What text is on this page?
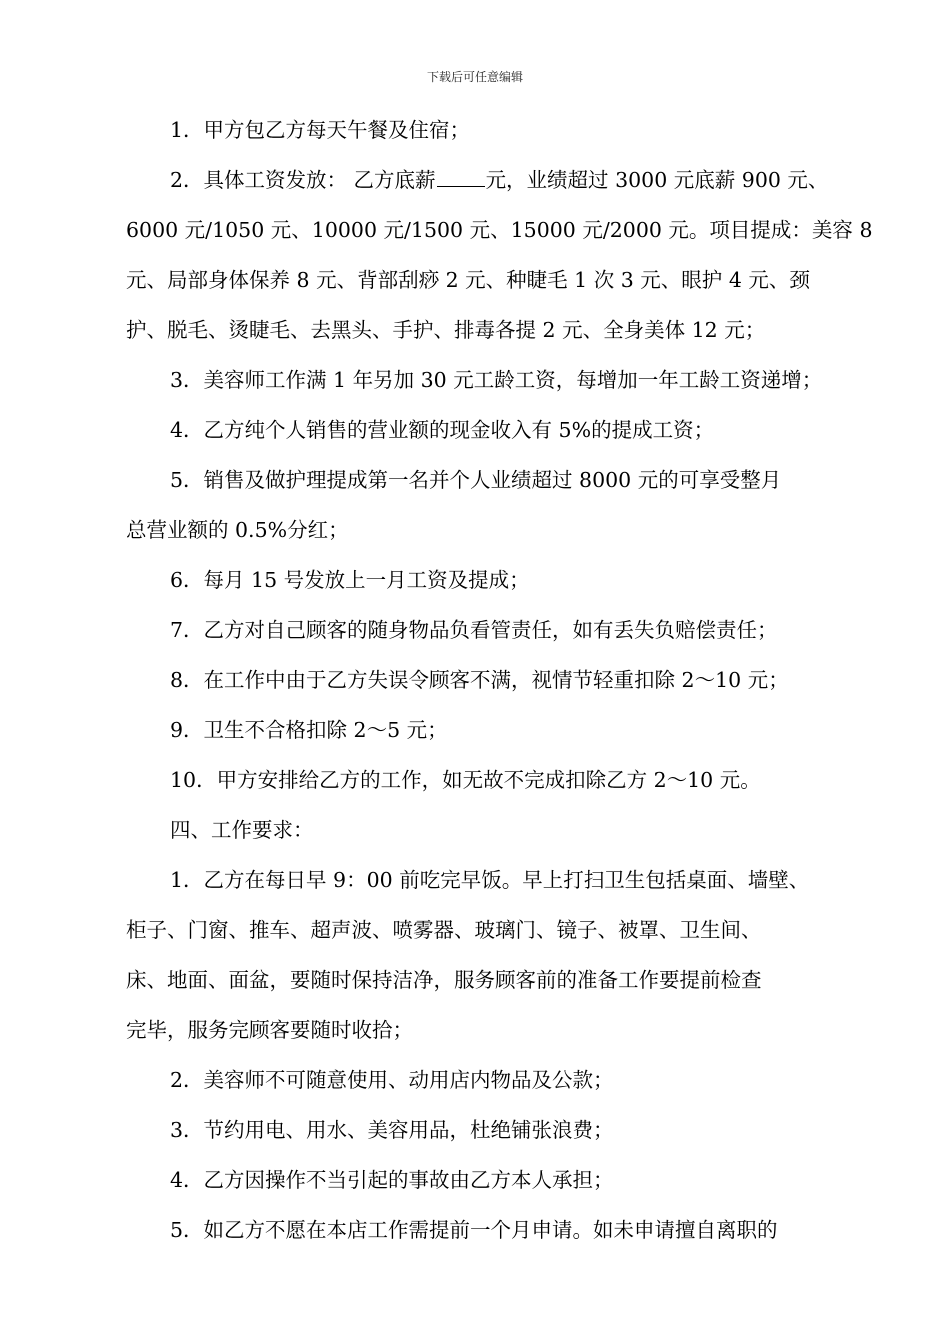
下载后可任意编辑
1．甲方包乙方每天午餐及住宿；
2．具体工资发放： 乙方底薪 元，业绩超过 3000 元底薪 900 元、
6000 元/1050 元、10000 元/1500 元、15000 元/2000 元。项目提成：美容 8
元、局部身体保养 8 元、背部刮痧 2 元、种睫毛 1 次 3 元、眼护 4 元、颈
护、脱毛、烫睫毛、去黑头、手护、排毒各提 2 元、全身美体 12 元；
3．美容师工作满 1 年另加 30 元工龄工资，每增加一年工龄工资递增；
4．乙方纯个人销售的营业额的现金收入有 5%的提成工资；
5．销售及做护理提成第一名并个人业绩超过 8000 元的可享受整月
总营业额的 0.5%分红；
6．每月 15 号发放上一月工资及提成；
7．乙方对自己顾客的随身物品负看管责任，如有丢失负赔偿责任；
8．在工作中由于乙方失误令顾客不满，视情节轻重扣除 2～10 元；
9．卫生不合格扣除 2～5 元；
10．甲方安排给乙方的工作，如无故不完成扣除乙方 2～10 元。
四、工作要求：
1．乙方在每日早 9：00 前吃完早饭。早上打扫卫生包括桌面、墙壁、
柜子、门窗、推车、超声波、喷雾器、玻璃门、镜子、被罩、卫生间、
床、地面、面盆，要随时保持洁净，服务顾客前的准备工作要提前检查
完毕，服务完顾客要随时收拾；
2．美容师不可随意使用、动用店内物品及公款；
3．节约用电、用水、美容用品，杜绝铺张浪费；
4．乙方因操作不当引起的事故由乙方本人承担；
5．如乙方不愿在本店工作需提前一个月申请。如未申请擅自离职的
